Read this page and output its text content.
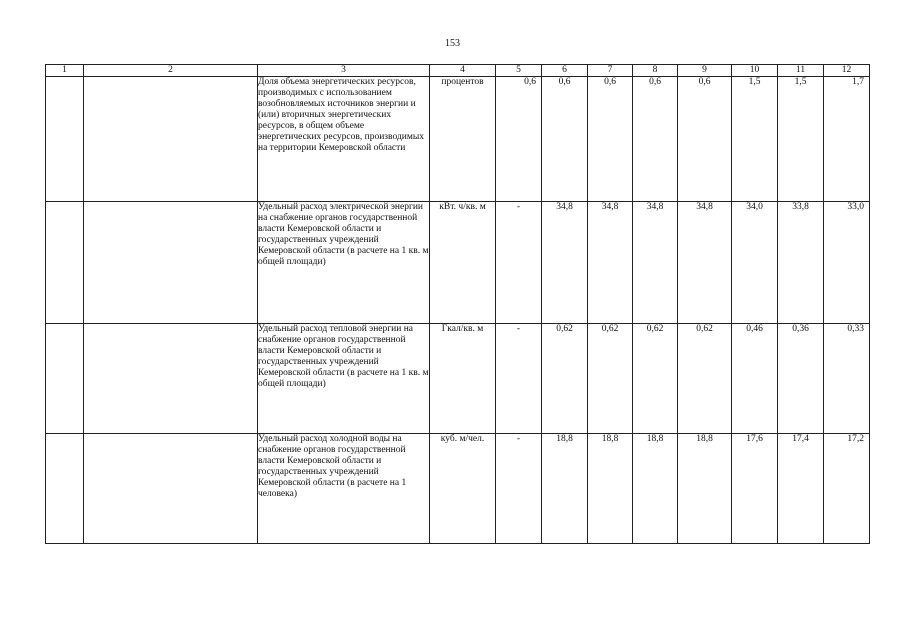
153
1	2	3	4	5	6	7	8	9	10	11	12
		Доля объема энергетических ресурсов, производимых с использованием возобновляемых источников энергии и (или) вторичных энергетических ресурсов, в общем объеме энергетических ресурсов, производимых на территории Кемеровской области	процентов	0,6	0,6	0,6	0,6	0,6	1,5	1,5	1,7
		Удельный расход электрической энергии на снабжение органов государственной власти Кемеровской области и государственных учреждений Кемеровской области (в расчете на 1 кв. м общей площади)	кВт. ч/кв. м	-	34,8	34,8	34,8	34,8	34,0	33,8	33,0
		Удельный расход тепловой энергии на снабжение органов государственной власти Кемеровской области и государственных учреждений Кемеровской области (в расчете на 1 кв. м общей площади)	Гкал/кв. м	-	0,62	0,62	0,62	0,62	0,46	0,36	0,33
		Удельный расход холодной воды на снабжение органов государственной власти Кемеровской области и государственных учреждений Кемеровской области (в расчете на 1 человека)	куб. м/чел.	-	18,8	18,8	18,8	18,8	17,6	17,4	17,2
